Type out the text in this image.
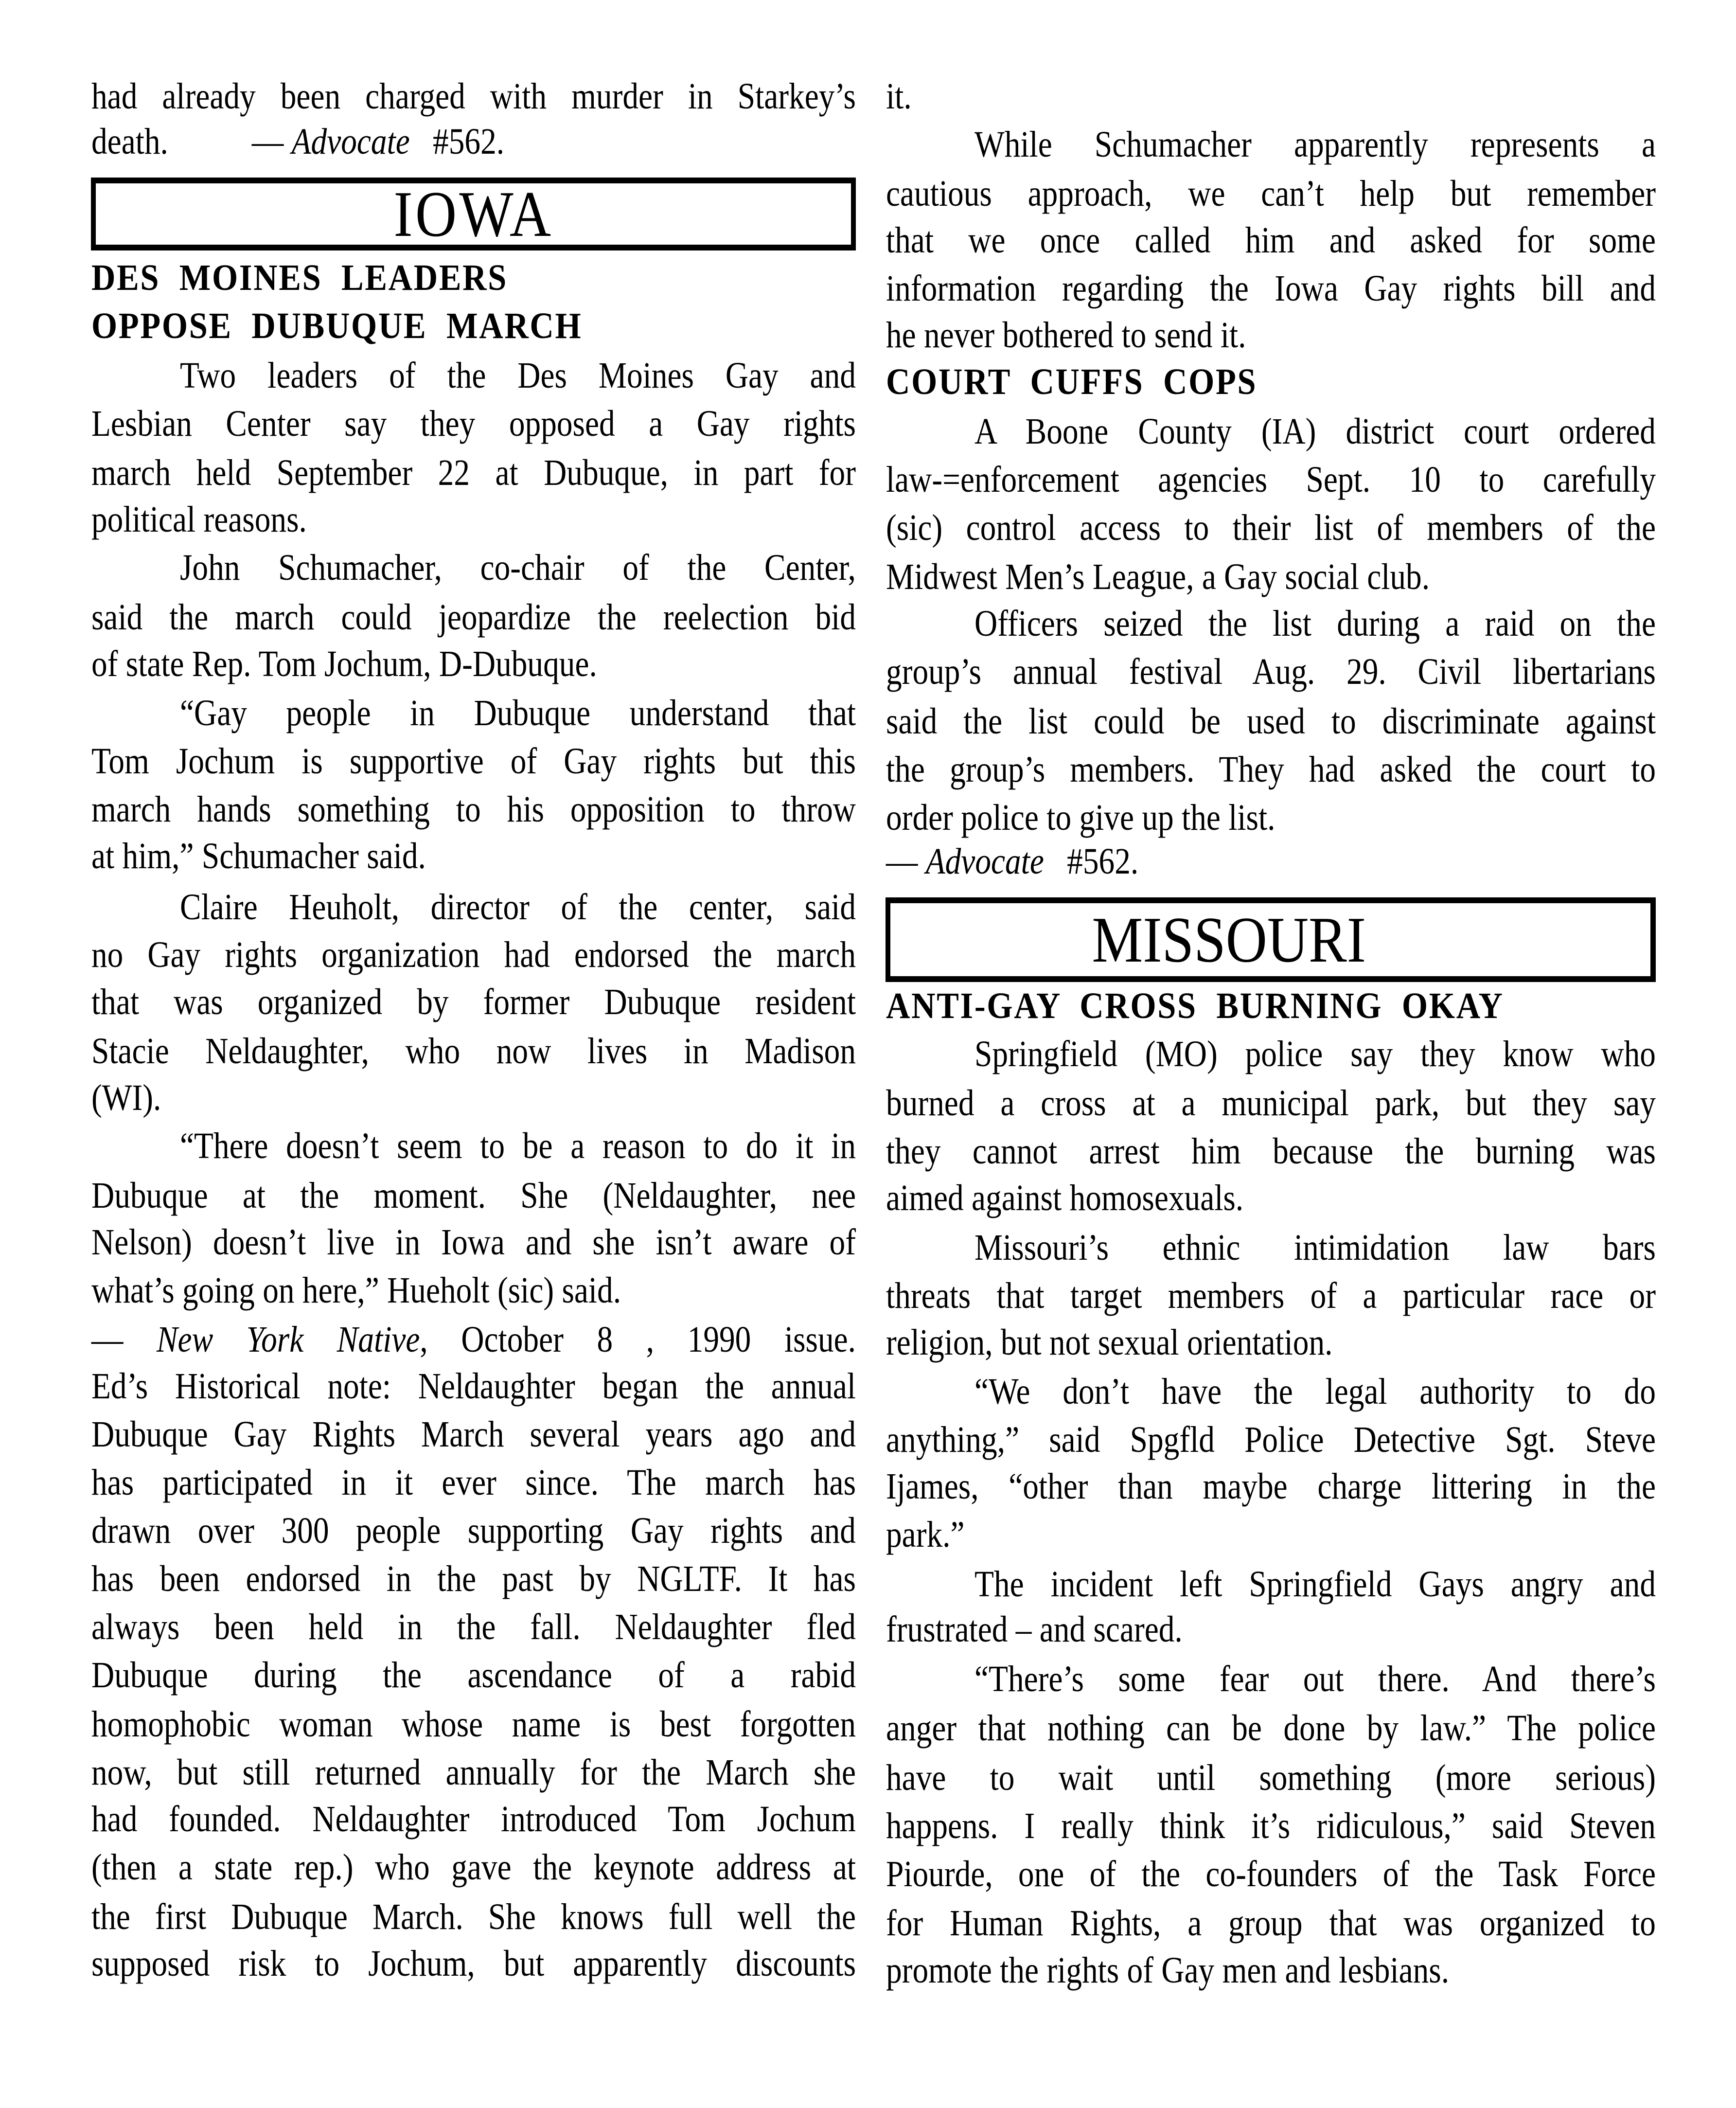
had already been charged with murder in Starkey’s
death. — Advocate #562.
DES MOINES LEADERS
OPPOSE DUBUQUE MARCH
Two leaders of the Des Moines Gay and
Lesbian Center say they opposed a Gay rights
march held September 22 at Dubuque, in part for
political reasons.
John Schumacher, co-chair of the Center,
said the march could jeopardize the reelection bid
of state Rep. Tom Jochum, D-Dubuque.
“Gay people in Dubuque understand that
Tom Jochum is supportive of Gay rights but this
march hands something to his opposition to throw
at him,” Schumacher said.
Claire Heuholt, director of the center, said
no Gay rights organization had endorsed the march
that was organized by former Dubuque resident
Stacie Neldaughter, who now lives in Madison
(WI).
“There doesn’t seem to be a reason to do it in
Dubuque at the moment. She (Neldaughter, nee
Nelson) doesn’t live in Iowa and she isn’t aware of
what’s going on here,” Hueholt (sic) said.
— New York Native, October 8 , 1990 issue.
Ed’s Historical note: Neldaughter began the annual
Dubuque Gay Rights March several years ago and
has participated in it ever since. The march has
drawn over 300 people supporting Gay rights and
has been endorsed in the past by NGLTF. It has
always been held in the fall. Neldaughter fled
Dubuque during the ascendance of a rabid
homophobic woman whose name is best forgotten
now, but still returned annually for the March she
had founded. Neldaughter introduced Tom Jochum
(then a state rep.) who gave the keynote address at
the first Dubuque March. She knows full well the
supposed risk to Jochum, but apparently discounts
it.
While Schumacher apparently represents a
cautious approach, we can’t help but remember
that we once called him and asked for some
information regarding the Iowa Gay rights bill and
he never bothered to send it.
COURT CUFFS COPS
A Boone County (IA) district court ordered
law-=enforcement agencies Sept. 10 to carefully
(sic) control access to their list of members of the
Midwest Men’s League, a Gay social club.
Officers seized the list during a raid on the
group’s annual festival Aug. 29. Civil libertarians
said the list could be used to discriminate against
the group’s members. They had asked the court to
order police to give up the list.
— Advocate #562.
ANTI-GAY CROSS BURNING OKAY
Springfield (MO) police say they know who
burned a cross at a municipal park, but they say
they cannot arrest him because the burning was
aimed against homosexuals.
Missouri’s ethnic intimidation law bars
threats that target members of a particular race or
religion, but not sexual orientation.
“We don’t have the legal authority to do
anything,” said Spgfld Police Detective Sgt. Steve
Ijames, “other than maybe charge littering in the
park.”
The incident left Springfield Gays angry and
frustrated – and scared.
“There’s some fear out there. And there’s
anger that nothing can be done by law.” The police
have to wait until something (more serious)
happens. I really think it’s ridiculous,” said Steven
Piourde, one of the co-founders of the Task Force
for Human Rights, a group that was organized to
promote the rights of Gay men and lesbians.
IOWA
MISSOURI
